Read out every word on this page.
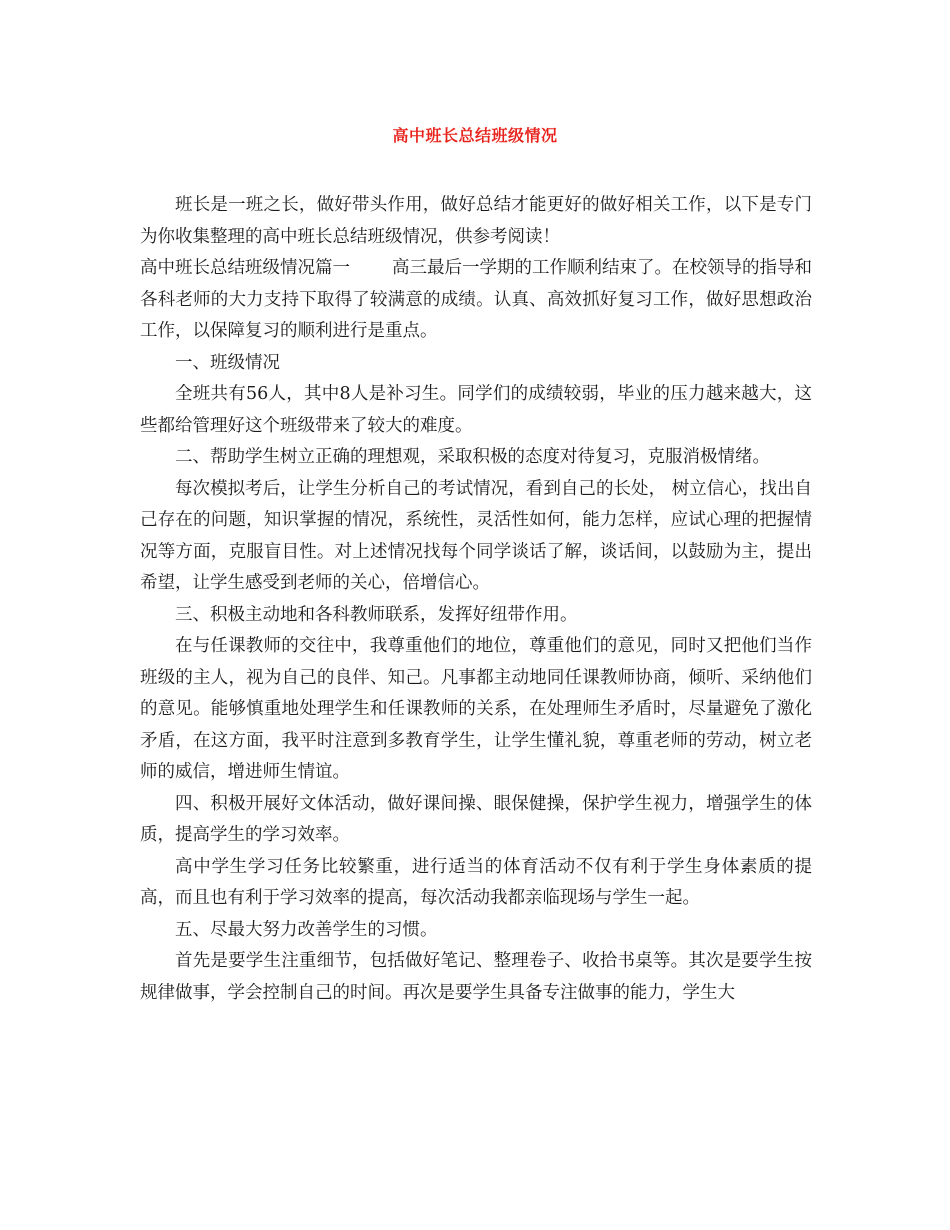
高中班长总结班级情况

班长是一班之长，做好带头作用，做好总结才能更好的做好相关工作，以下是专门为你收集整理的高中班长总结班级情况，供参考阅读！

高中班长总结班级情况篇一 高三最后一学期的工作顺利结束了。在校领导的指导和各科老师的大力支持下取得了较满意的成绩。认真、高效抓好复习工作，做好思想政治工作，以保障复习的顺利进行是重点。

一、班级情况

全班共有56人，其中8人是补习生。同学们的成绩较弱，毕业的压力越来越大，这些都给管理好这个班级带来了较大的难度。

二、帮助学生树立正确的理想观，采取积极的态度对待复习，克服消极情绪。

每次模拟考后，让学生分析自己的考试情况，看到自己的长处， 树立信心，找出自己存在的问题，知识掌握的情况，系统性，灵活性如何，能力怎样，应试心理的把握情况等方面，克服盲目性。对上述情况找每个同学谈话了解，谈话间，以鼓励为主，提出希望，让学生感受到老师的关心，倍增信心。

三、积极主动地和各科教师联系，发挥好纽带作用。

在与任课教师的交往中，我尊重他们的地位，尊重他们的意见，同时又把他们当作班级的主人，视为自己的良伴、知己。凡事都主动地同任课教师协商，倾听、采纳他们的意见。能够慎重地处理学生和任课教师的关系，在处理师生矛盾时，尽量避免了激化矛盾，在这方面，我平时注意到多教育学生，让学生懂礼貌，尊重老师的劳动，树立老师的威信，增进师生情谊。

四、积极开展好文体活动，做好课间操、眼保健操，保护学生视力，增强学生的体质，提高学生的学习效率。

高中学生学习任务比较繁重，进行适当的体育活动不仅有利于学生身体素质的提高，而且也有利于学习效率的提高，每次活动我都亲临现场与学生一起。

五、尽最大努力改善学生的习惯。

首先是要学生注重细节，包括做好笔记、整理卷子、收拾书桌等。其次是要学生按规律做事，学会控制自己的时间。再次是要学生具备专注做事的能力，学生大
